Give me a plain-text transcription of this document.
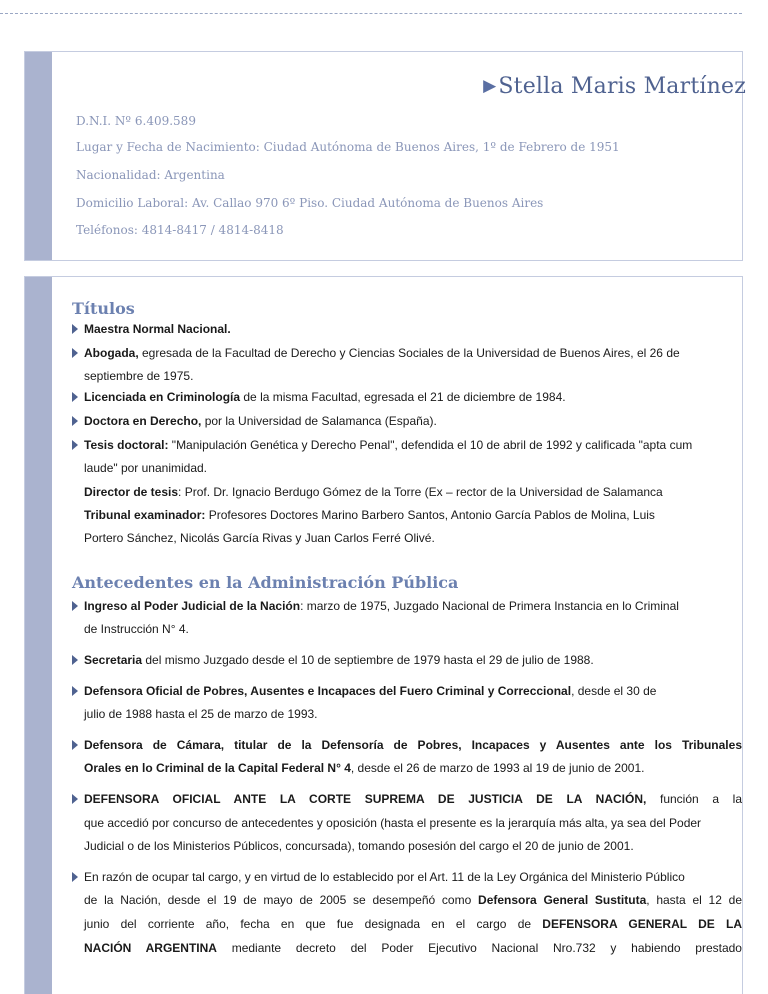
▶Stella Maris Martínez
D.N.I. Nº 6.409.589
Lugar y Fecha de Nacimiento: Ciudad Autónoma de Buenos Aires, 1º de Febrero de 1951
Nacionalidad: Argentina
Domicilio Laboral: Av. Callao 970 6º Piso. Ciudad Autónoma de Buenos Aires
Teléfonos: 4814-8417 / 4814-8418
Títulos
Maestra Normal Nacional.
Abogada, egresada de la Facultad de Derecho y Ciencias Sociales de la Universidad de Buenos Aires, el 26 de
septiembre de 1975.
Licenciada en Criminología de la misma Facultad, egresada el 21 de diciembre de 1984.
Doctora en Derecho, por la Universidad de Salamanca (España).
Tesis doctoral: "Manipulación Genética y Derecho Penal", defendida el 10 de abril de 1992 y calificada "apta cum
laude" por unanimidad.
Director de tesis: Prof. Dr. Ignacio Berdugo Gómez de la Torre (Ex – rector de la Universidad de Salamanca
Tribunal examinador: Profesores Doctores Marino Barbero Santos, Antonio García Pablos de Molina, Luis
Portero Sánchez, Nicolás García Rivas y Juan Carlos Ferré Olivé.
Antecedentes en la Administración Pública
Ingreso al Poder Judicial de la Nación: marzo de 1975, Juzgado Nacional de Primera Instancia en lo Criminal
de Instrucción N° 4.
Secretaria del mismo Juzgado desde el 10 de septiembre de 1979 hasta el 29 de julio de 1988.
Defensora Oficial de Pobres, Ausentes e Incapaces del Fuero Criminal y Correccional, desde el 30 de
julio de 1988 hasta el 25 de marzo de 1993.
Defensora de Cámara, titular de la Defensoría de Pobres, Incapaces y Ausentes ante los Tribunales
Orales en lo Criminal de la Capital Federal N° 4, desde el 26 de marzo de 1993 al 19 de junio de 2001.
DEFENSORA OFICIAL ANTE LA CORTE SUPREMA DE JUSTICIA DE LA NACIÓN, función a la
que accedió por concurso de antecedentes y oposición (hasta el presente es la jerarquía más alta, ya sea del Poder
Judicial o de los Ministerios Públicos, concursada), tomando posesión del cargo el 20 de junio de 2001.
En razón de ocupar tal cargo, y en virtud de lo establecido por el Art. 11 de la Ley Orgánica del Ministerio Público
de la Nación, desde el 19 de mayo de 2005 se desempeñó como Defensora General Sustituta, hasta el 12 de
junio del corriente año, fecha en que fue designada en el cargo de DEFENSORA GENERAL DE LA
NACIÓN ARGENTINA mediante decreto del Poder Ejecutivo Nacional Nro.732 y habiendo prestado
